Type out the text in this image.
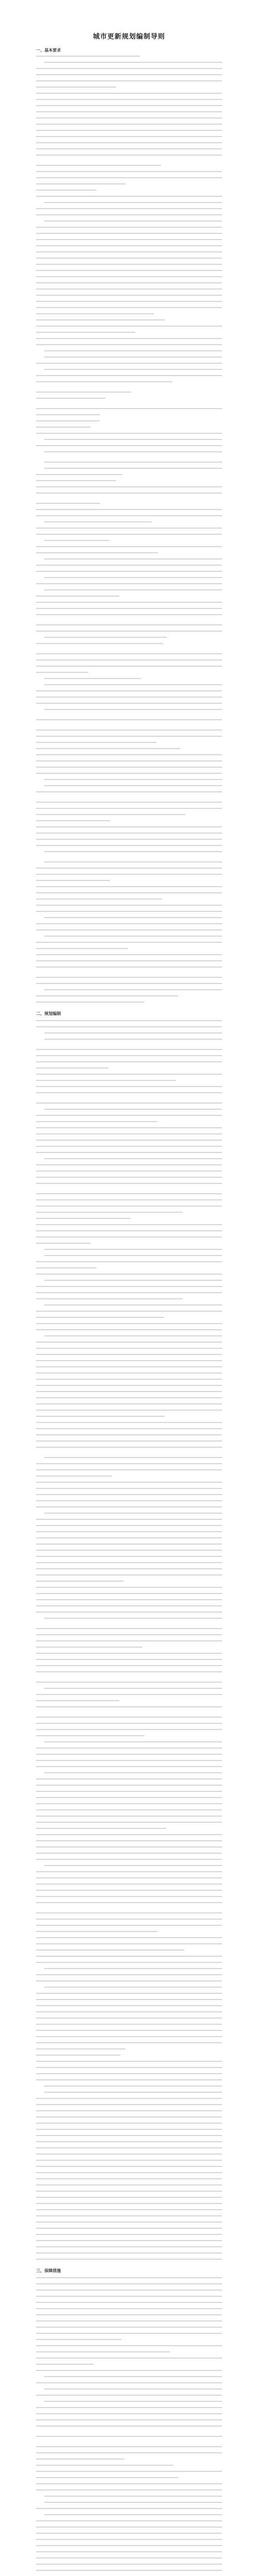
城市更新规划编制导则
一、基本要求
二、规划编制
三、保障措施
